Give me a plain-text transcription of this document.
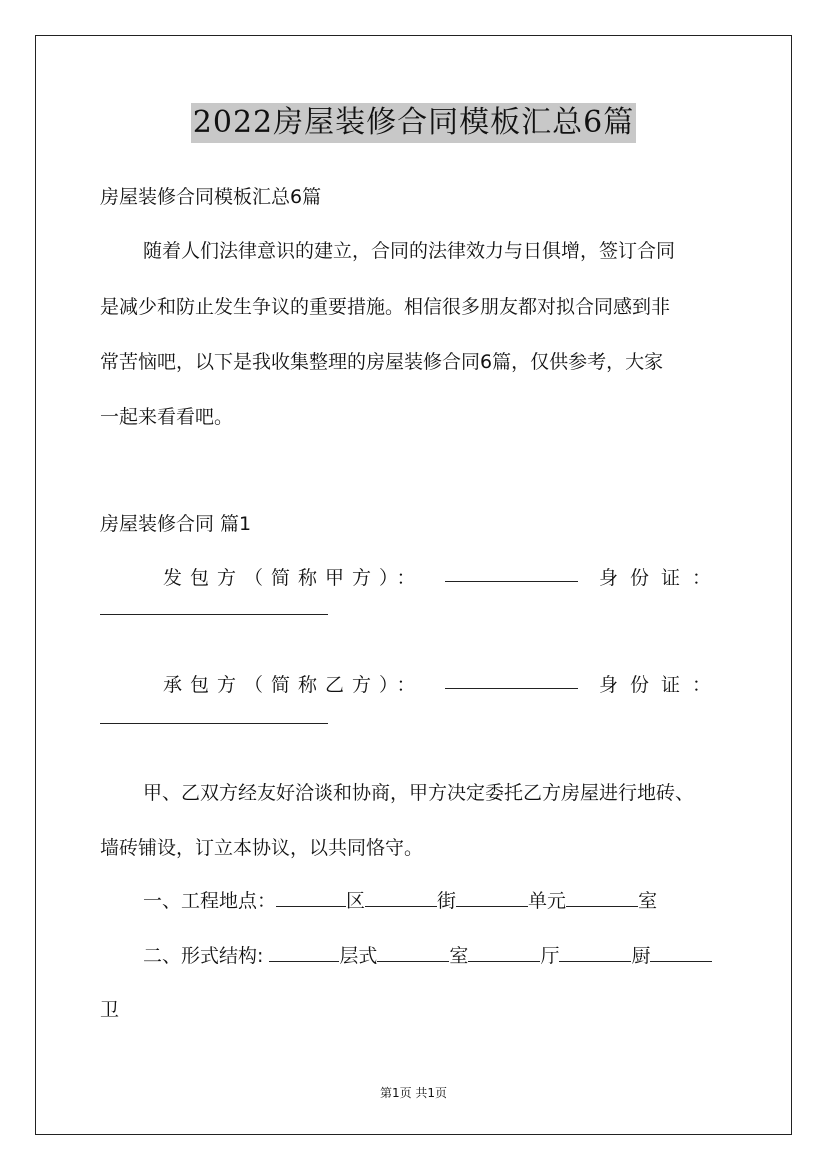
2022房屋装修合同模板汇总6篇
房屋装修合同模板汇总6篇
随着人们法律意识的建立，合同的法律效力与日俱增，签订合同
是减少和防止发生争议的重要措施。相信很多朋友都对拟合同感到非
常苦恼吧，以下是我收集整理的房屋装修合同6篇，仅供参考，大家
一起来看看吧。
房屋装修合同 篇1
发包方（简称甲方）：	身份证：
承包方（简称乙方）：	身份证：
甲、乙双方经友好洽谈和协商，甲方决定委托乙方房屋进行地砖、
墙砖铺设，订立本协议，以共同恪守。
一、工程地点：	区	街	单元	室
二、形式结构:	层式	室	厅	厨
卫
第1页 共1页
